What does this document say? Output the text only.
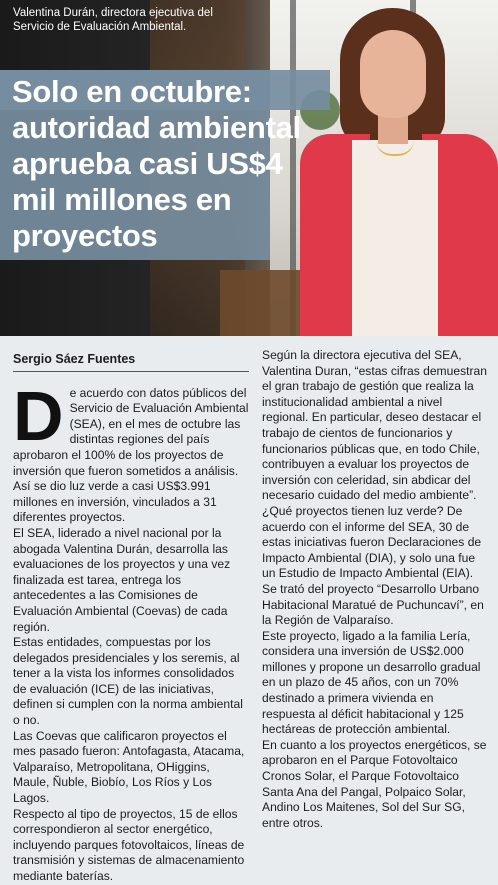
Valentina Durán, directora ejecutiva del Servicio de Evaluación Ambiental.
Solo en octubre: autoridad ambiental aprueba casi US$4 mil millones en proyectos
Sergio Sáez Fuentes

De acuerdo con datos públicos del Servicio de Evaluación Ambiental (SEA), en el mes de octubre las distintas regiones del país aprobaron el 100% de los proyectos de inversión que fueron sometidos a análisis. Así se dio luz verde a casi US$3.991 millones en inversión, vinculados a 31 diferentes proyectos.

El SEA, liderado a nivel nacional por la abogada Valentina Durán, desarrolla las evaluaciones de los proyectos y una vez finalizada est tarea, entrega los antecedentes a las Comisiones de Evaluación Ambiental (Coevas) de cada región.

Estas entidades, compuestas por los delegados presidenciales y los seremis, al tener a la vista los informes consolidados de evaluación (ICE) de las iniciativas, definen si cumplen con la norma ambiental o no.

Las Coevas que calificaron proyectos el mes pasado fueron: Antofagasta, Atacama, Valparaíso, Metropolitana, OHiggins, Maule, Ñuble, Biobío, Los Ríos y Los Lagos.

Respecto al tipo de proyectos, 15 de ellos correspondieron al sector energético, incluyendo parques fotovoltaicos, líneas de transmisión y sistemas de almacenamiento mediante baterías.

Según la directora ejecutiva del SEA, Valentina Duran, “estas cifras demuestran el gran trabajo de gestión que realiza la institucionalidad ambiental a nivel regional. En particular, deseo destacar el trabajo de cientos de funcionarios y funcionarios públicas que, en todo Chile, contribuyen a evaluar los proyectos de inversión con celeridad, sin abdicar del necesario cuidado del medio ambiente”.

¿Qué proyectos tienen luz verde? De acuerdo con el informe del SEA, 30 de estas iniciativas fueron Declaraciones de Impacto Ambiental (DIA), y solo una fue un Estudio de Impacto Ambiental (EIA). Se trató del proyecto “Desarrollo Urbano Habitacional Maratué de Puchuncaví”, en la Región de Valparaíso.

Este proyecto, ligado a la familia Lería, considera una inversión de US$2.000 millones y propone un desarrollo gradual en un plazo de 45 años, con un 70% destinado a primera vivienda en respuesta al déficit habitacional y 125 hectáreas de protección ambiental.

En cuanto a los proyectos energéticos, se aprobaron en el Parque Fotovoltaico Cronos Solar, el Parque Fotovoltaico Santa Ana del Pangal, Polpaico Solar, Andino Los Maitenes, Sol del Sur SG, entre otros.
